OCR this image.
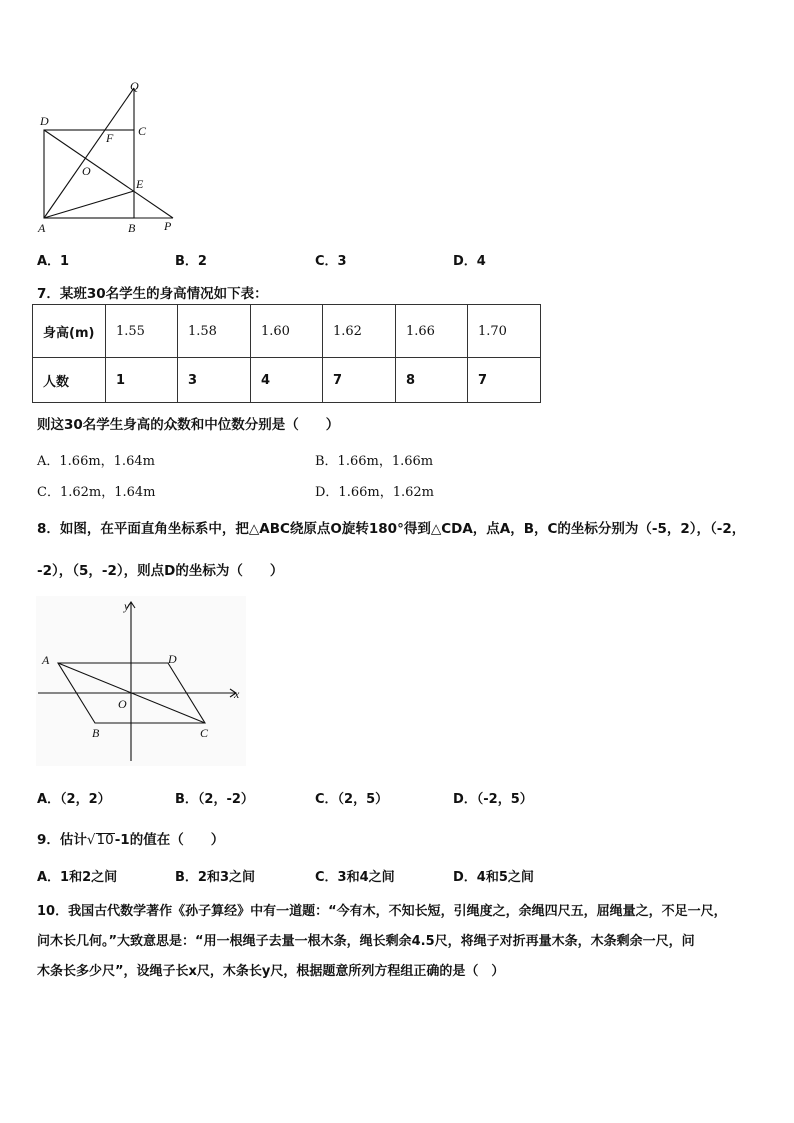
Q
D
C
F
O
E
A	B P
A．1	B．2	C．3	D．4
7．某班30名学生的身高情况如下表：
身高(m)	1.55	1.58	1.60	1.62	1.66	1.70
人数	1	3	4	7	8	7
则这30名学生身高的众数和中位数分别是（　　）
A．1.66m，1.64m	B．1.66m，1.66m
C．1.62m，1.64m	D．1.66m，1.62m
8．如图，在平面直角坐标系中，把△ABC绕原点O旋转180°得到△CDA，点A，B，C的坐标分别为（-5，2），（-2，
-2），（5，-2），则点D的坐标为（　　）
y
x
A	D
O
B	C
A．（2，2）	B．（2，-2）	C．（2，5）	D．（-2，5）
9．估计√10-1的值在（　　）
A．1和2之间	B．2和3之间	C．3和4之间	D．4和5之间
10．我国古代数学著作《孙子算经》中有一道题：“今有木，不知长短，引绳度之，余绳四尺五，屈绳量之，不足一尺，
问木长几何。”大致意思是：“用一根绳子去量一根木条，绳长剩余4.5尺，将绳子对折再量木条，木条剩余一尺，问
木条长多少尺”，设绳子长x尺，木条长y尺，根据题意所列方程组正确的是（　）
